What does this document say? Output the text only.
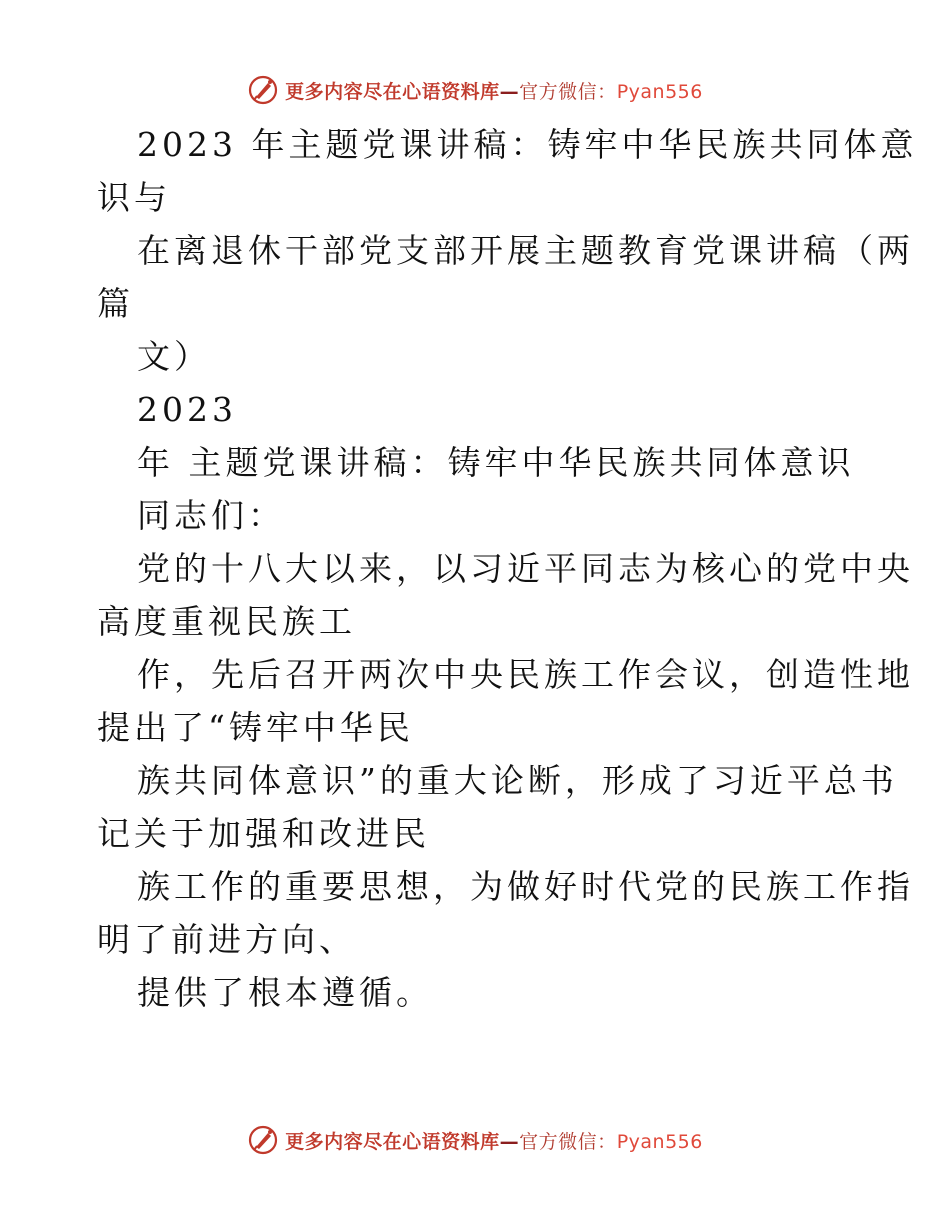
更多内容尽在心语资料库—官方微信：Pyan556
2023 年主题党课讲稿：铸牢中华民族共同体意
识与
在离退休干部党支部开展主题教育党课讲稿（两
篇
文）
2023
年 主题党课讲稿：铸牢中华民族共同体意识
同志们：
党的十八大以来，以习近平同志为核心的党中央
高度重视民族工
作，先后召开两次中央民族工作会议，创造性地
提出了“铸牢中华民
族共同体意识”的重大论断，形成了习近平总书
记关于加强和改进民
族工作的重要思想，为做好时代党的民族工作指
明了前进方向、
提供了根本遵循。
更多内容尽在心语资料库—官方微信：Pyan556
